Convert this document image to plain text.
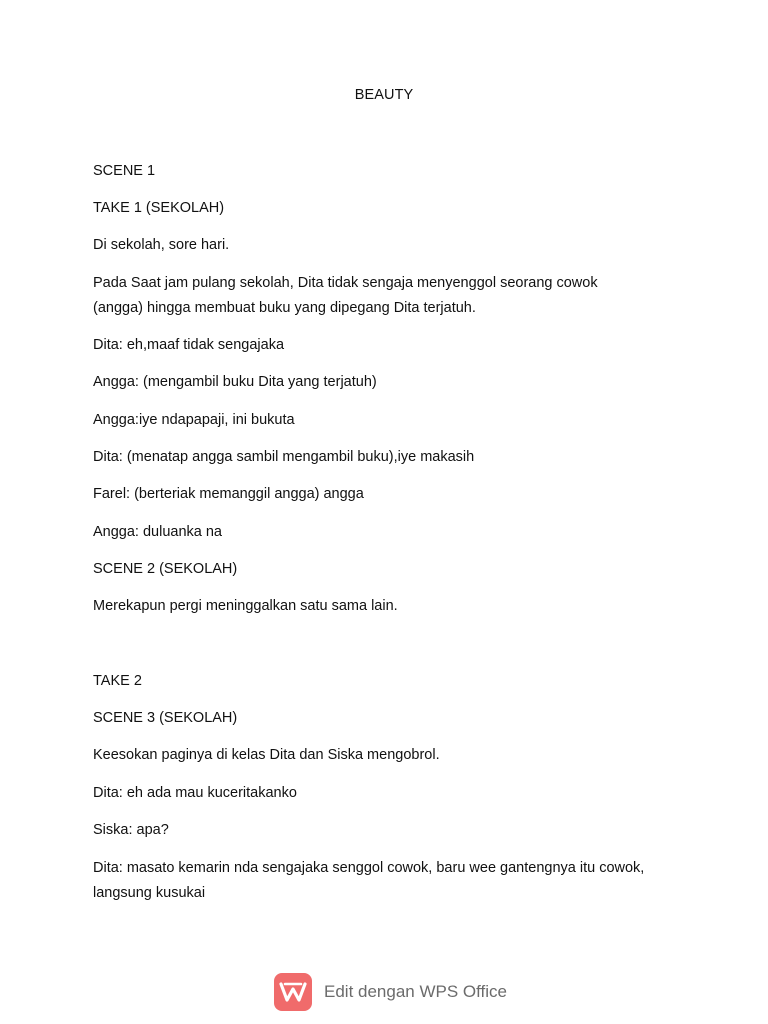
BEAUTY
SCENE 1
TAKE 1 (SEKOLAH)
Di sekolah, sore hari.
Pada Saat jam pulang sekolah, Dita tidak sengaja menyenggol seorang cowok
(angga) hingga membuat buku yang dipegang Dita terjatuh.
Dita: eh,maaf tidak sengajaka
Angga: (mengambil buku Dita yang terjatuh)
Angga:iye ndapapaji, ini bukuta
Dita: (menatap angga sambil mengambil buku),iye makasih
Farel: (berteriak memanggil angga) angga
Angga: duluanka na
SCENE 2 (SEKOLAH)
Merekapun pergi meninggalkan satu sama lain.
TAKE 2
SCENE 3 (SEKOLAH)
Keesokan paginya di kelas Dita dan Siska mengobrol.
Dita: eh ada mau kuceritakanko
Siska: apa?
Dita: masato kemarin nda sengajaka senggol cowok, baru wee gantengnya itu cowok,
langsung kusukai
Edit dengan WPS Office
